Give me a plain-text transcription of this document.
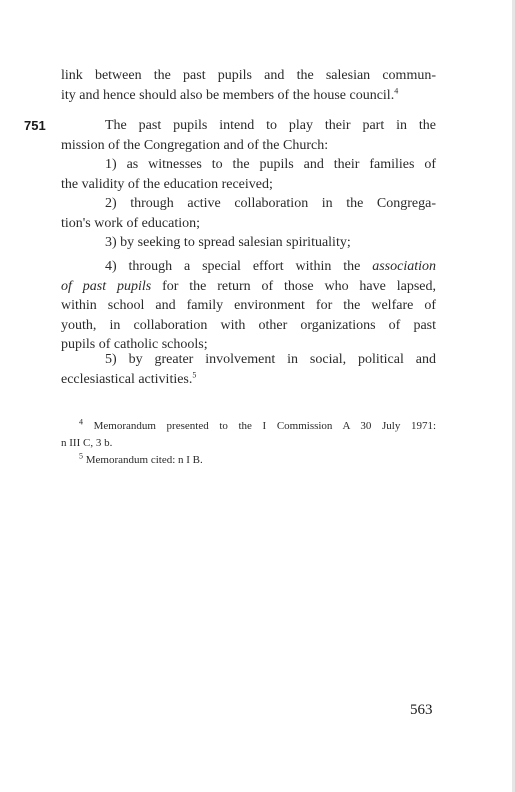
link between the past pupils and the salesian commun-
ity and hence should also be members of the house council.$^4$
751	The past pupils intend to play their part in the
mission of the Congregation and of the Church:
1) as witnesses to the pupils and their families of
the validity of the education received;
2) through active collaboration in the Congrega-
tion's work of education;
3) by seeking to spread salesian spirituality;
4) through a special effort within the association
of past pupils for the return of those who have lapsed,
within school and family environment for the welfare of
youth, in collaboration with other organizations of past
pupils of catholic schools;
5) by greater involvement in social, political and
ecclesiastical activities.$^5$
$^4$ Memorandum presented to the I Commission A 30 July 1971:
n III C, 3 b.
$^5$ Memorandum cited: n I B.
563
